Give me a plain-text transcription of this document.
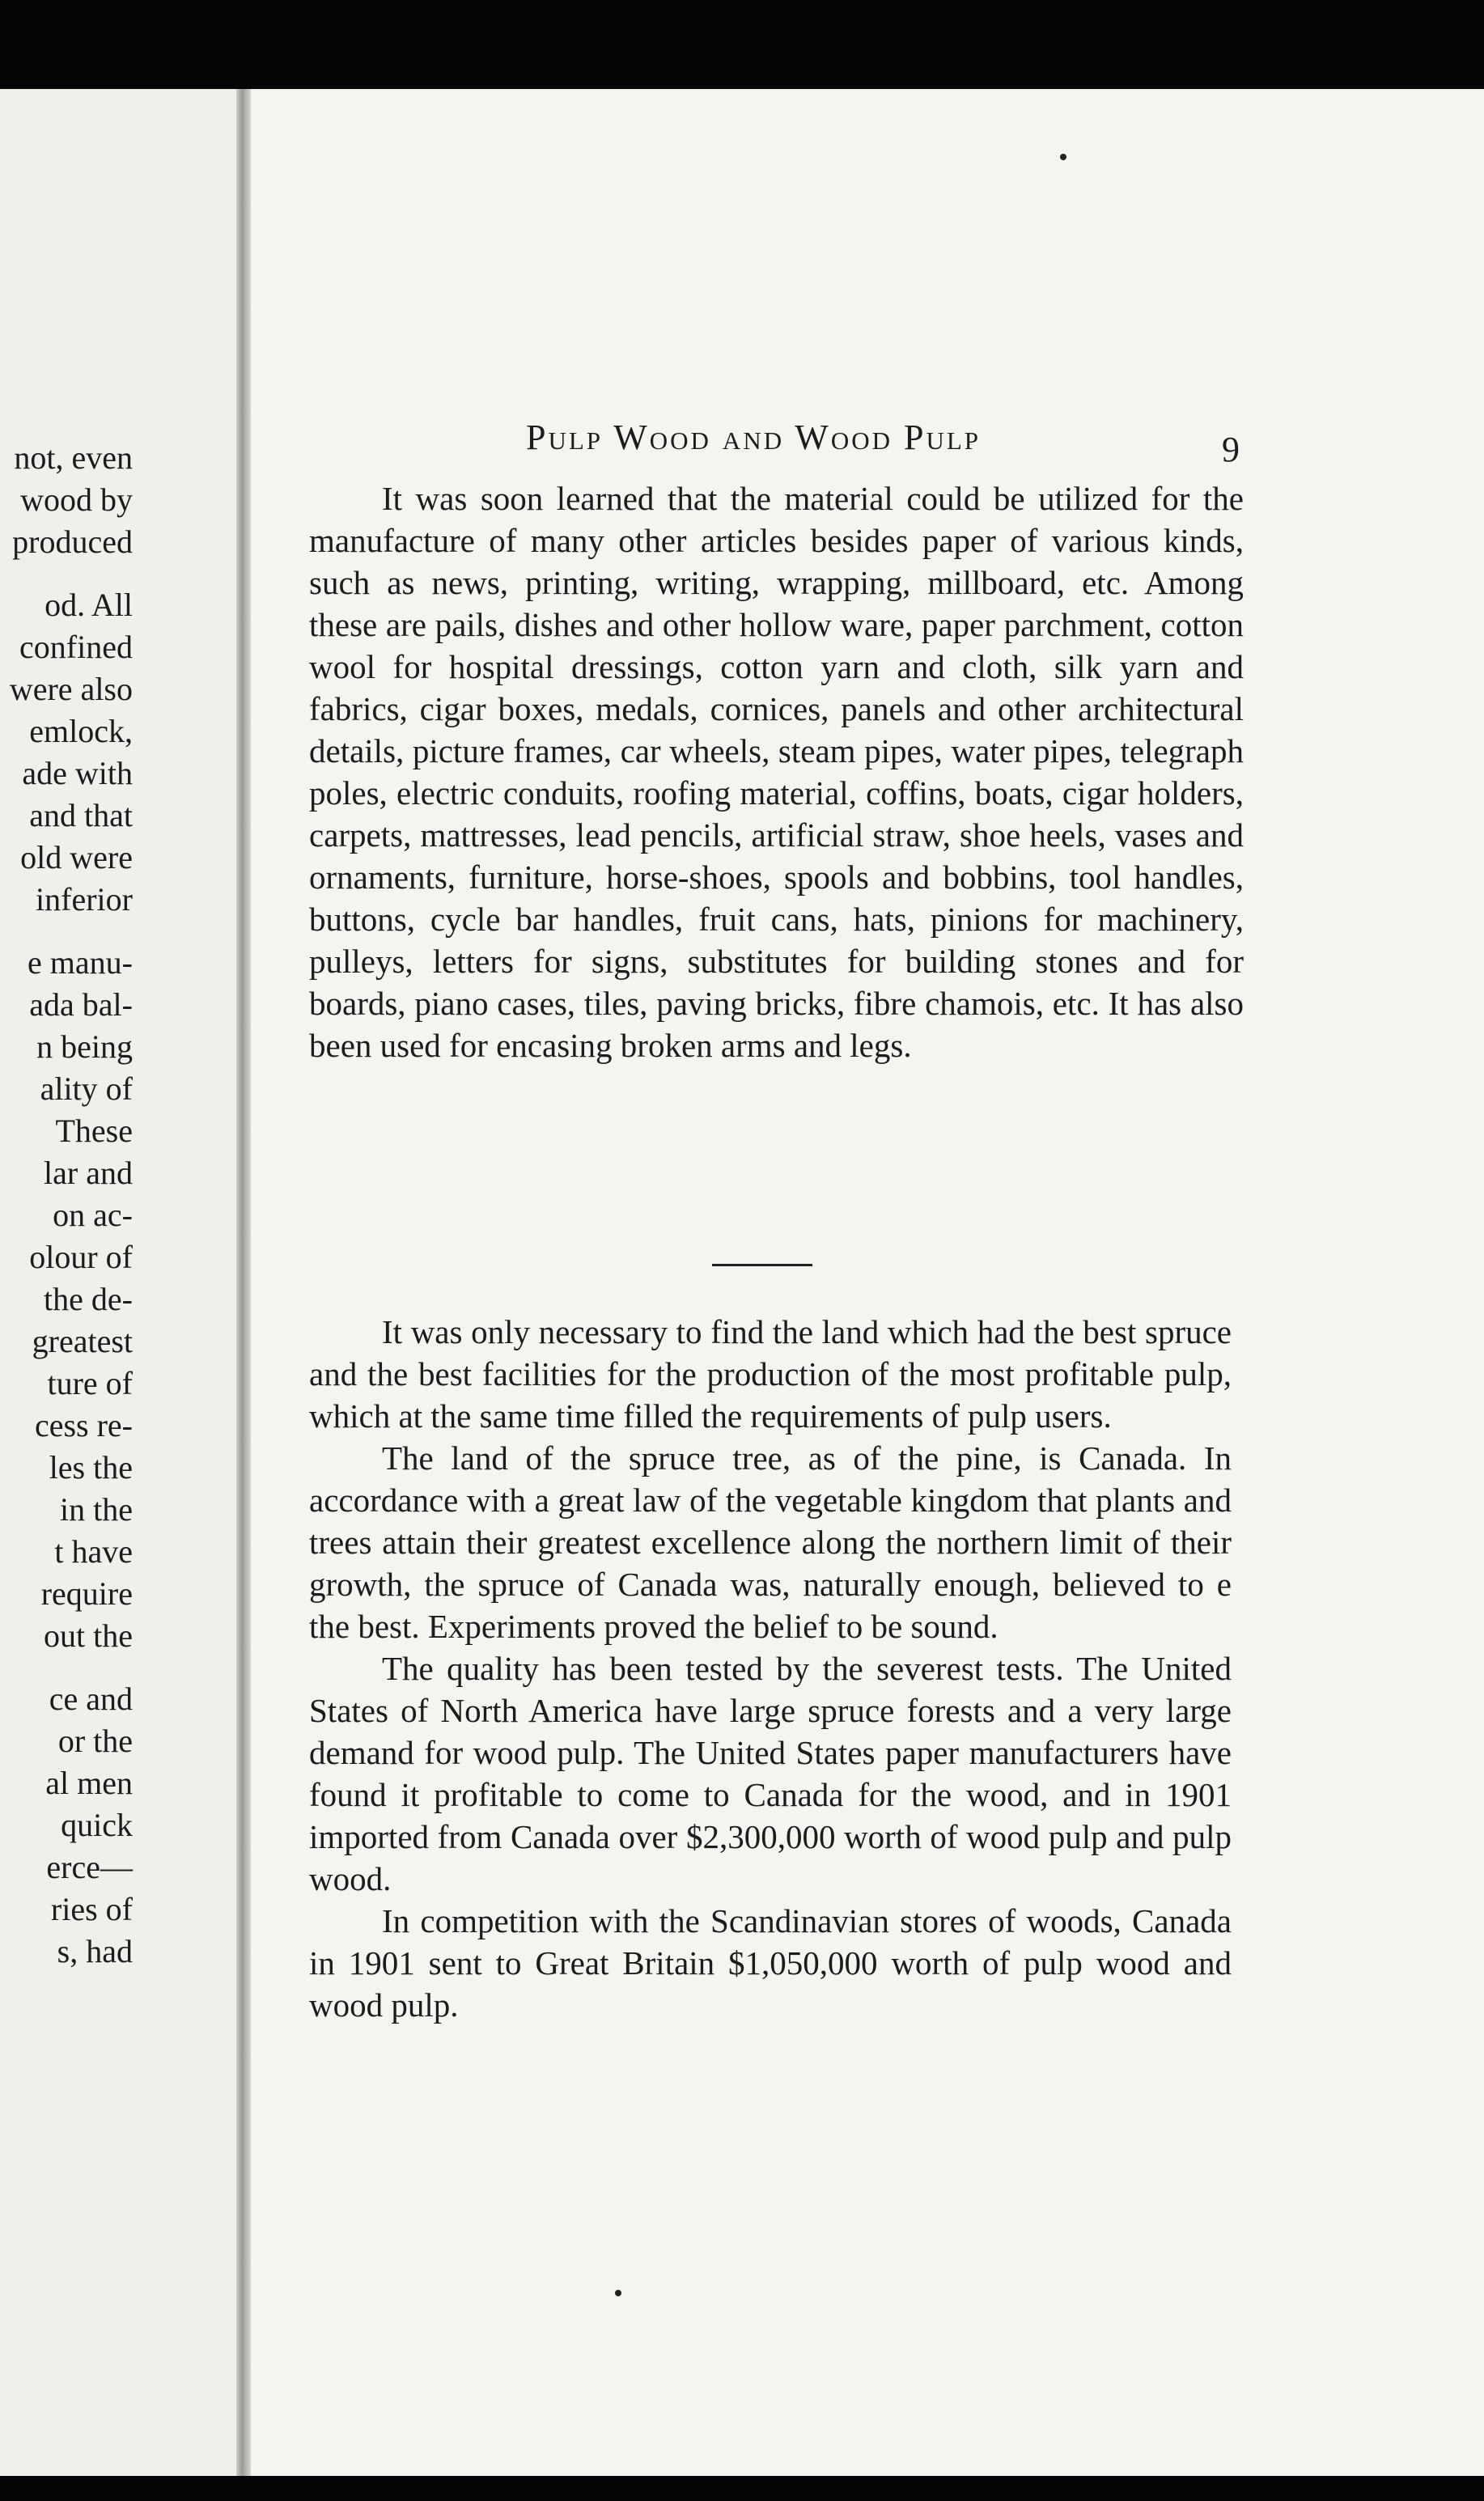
not, even
wood by
produced
od. All
confined
were also
emlock,
ade with
and that
old were
inferior
e manu-
ada bal-
n being
ality of
These
lar and
on ac-
olour of
the de-
greatest
ture of
cess re-
les the
in the
t have
require
out the
ce and
or the
al men
quick
erce—
ries of
s, had
Pulp Wood and Wood Pulp	9

It was soon learned that the material could be utilized for the manufacture of many other articles besides paper of various kinds, such as news, printing, writing, wrapping, millboard, etc. Among these are pails, dishes and other hollow ware, paper parchment, cotton wool for hospital dressings, cotton yarn and cloth, silk yarn and fabrics, cigar boxes, medals, cornices, panels and other architectural details, picture frames, car wheels, steam pipes, water pipes, telegraph poles, electric conduits, roofing material, coffins, boats, cigar holders, carpets, mattresses, lead pencils, artificial straw, shoe heels, vases and ornaments, furniture, horse-shoes, spools and bobbins, tool handles, buttons, cycle bar handles, fruit cans, hats, pinions for machinery, pulleys, letters for signs, substitutes for building stones and for boards, piano cases, tiles, paving bricks, fibre chamois, etc. It has also been used for encasing broken arms and legs.

It was only necessary to find the land which had the best spruce and the best facilities for the production of the most profitable pulp, which at the same time filled the requirements of pulp users.

The land of the spruce tree, as of the pine, is Canada. In accordance with a great law of the vegetable kingdom that plants and trees attain their greatest excellence along the northern limit of their growth, the spruce of Canada was, naturally enough, believed to e the best. Experiments proved the belief to be sound.

The quality has been tested by the severest tests. The United States of North America have large spruce forests and a very large demand for wood pulp. The United States paper manufacturers have found it profitable to come to Canada for the wood, and in 1901 imported from Canada over $2,300,000 worth of wood pulp and pulp wood.

In competition with the Scandinavian stores of woods, Canada in 1901 sent to Great Britain $1,050,000 worth of pulp wood and wood pulp.
